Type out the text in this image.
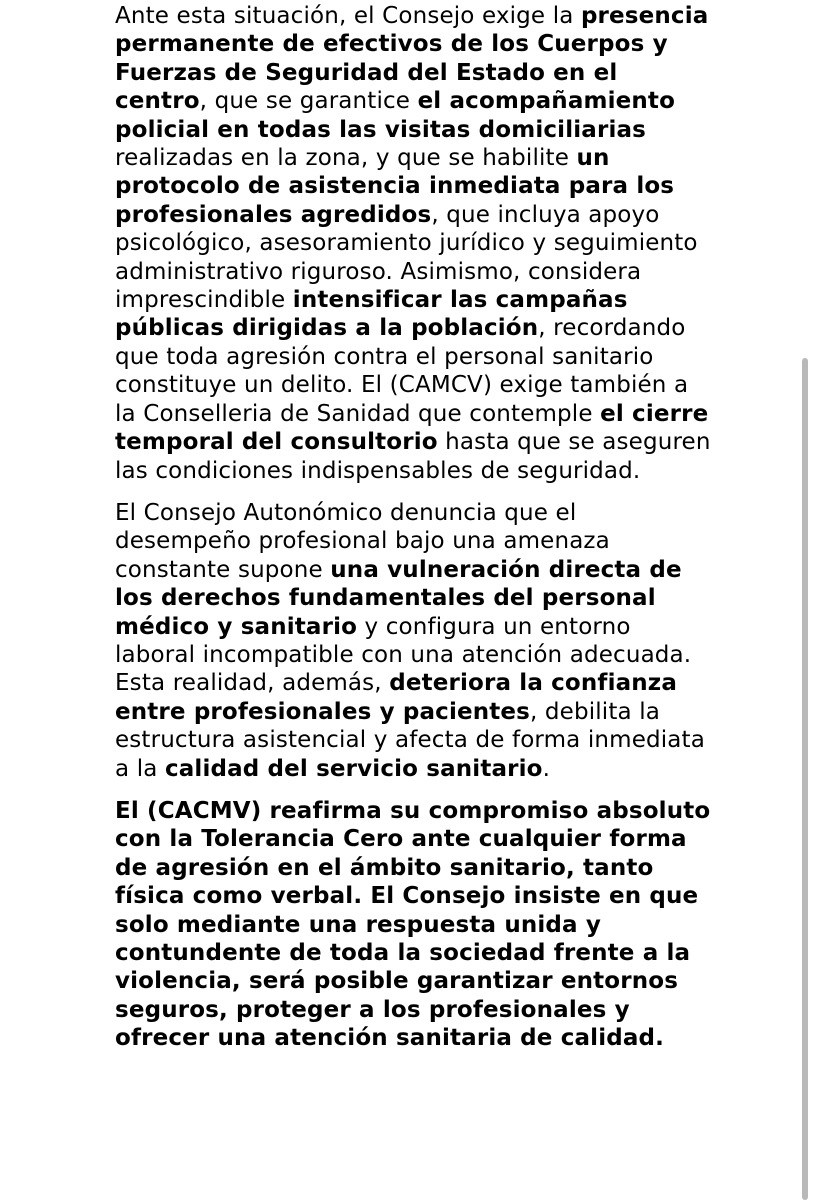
Ante esta situación, el Consejo exige la presencia permanente de efectivos de los Cuerpos y Fuerzas de Seguridad del Estado en el centro, que se garantice el acompañamiento policial en todas las visitas domiciliarias realizadas en la zona, y que se habilite un protocolo de asistencia inmediata para los profesionales agredidos, que incluya apoyo psicológico, asesoramiento jurídico y seguimiento administrativo riguroso. Asimismo, considera imprescindible intensificar las campañas públicas dirigidas a la población, recordando que toda agresión contra el personal sanitario constituye un delito. El (CAMCV) exige también a la Conselleria de Sanidad que contemple el cierre temporal del consultorio hasta que se aseguren las condiciones indispensables de seguridad.

El Consejo Autonómico denuncia que el desempeño profesional bajo una amenaza constante supone una vulneración directa de los derechos fundamentales del personal médico y sanitario y configura un entorno laboral incompatible con una atención adecuada. Esta realidad, además, deteriora la confianza entre profesionales y pacientes, debilita la estructura asistencial y afecta de forma inmediata a la calidad del servicio sanitario.

El (CACMV) reafirma su compromiso absoluto con la Tolerancia Cero ante cualquier forma de agresión en el ámbito sanitario, tanto física como verbal. El Consejo insiste en que solo mediante una respuesta unida y contundente de toda la sociedad frente a la violencia, será posible garantizar entornos seguros, proteger a los profesionales y ofrecer una atención sanitaria de calidad.
